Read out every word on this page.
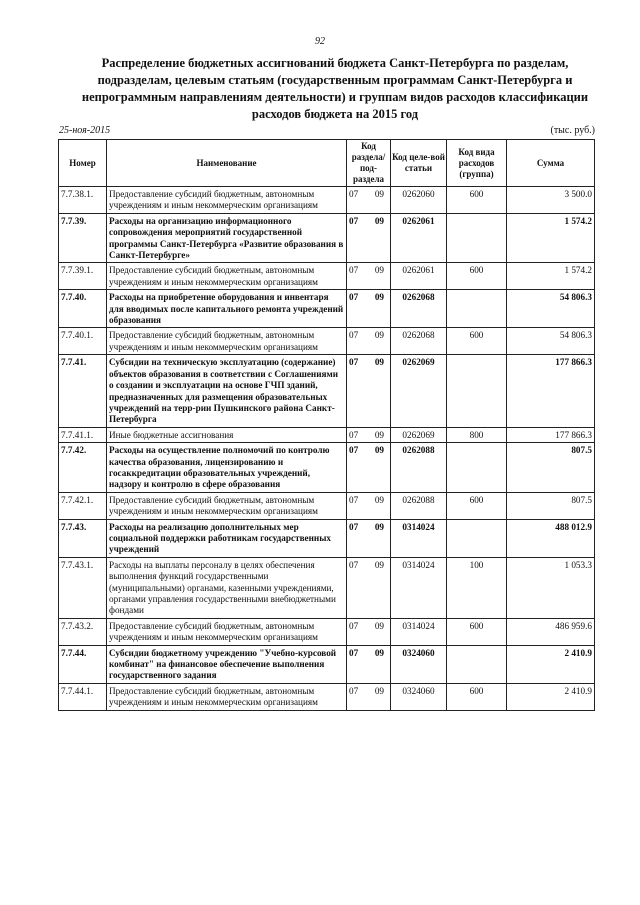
92
Распределение бюджетных ассигнований бюджета Санкт-Петербурга по разделам, подразделам, целевым статьям (государственным программам Санкт-Петербурга и непрограммным направлениям деятельности) и группам видов расходов классификации расходов бюджета на 2015 год
25-ноя-2015	(тыс. руб.)
Номер	Наименование	Код раздела/ под-раздела	Код целе-вой статьи	Код вида расходов (группа)	Сумма
7.7.38.1.	Предоставление субсидий бюджетным, автономным учреждениям и иным некоммерческим организациям	07 09	0262060	600	3 500.0
7.7.39.	Расходы на организацию информационного сопровождения мероприятий государственной программы Санкт-Петербурга «Развитие образования в Санкт-Петербурге»	07 09	0262061		1 574.2
7.7.39.1.	Предоставление субсидий бюджетным, автономным учреждениям и иным некоммерческим организациям	07 09	0262061	600	1 574.2
7.7.40.	Расходы на приобретение оборудования и инвентаря для вводимых после капитального ремонта учреждений образования	07 09	0262068		54 806.3
7.7.40.1.	Предоставление субсидий бюджетным, автономным учреждениям и иным некоммерческим организациям	07 09	0262068	600	54 806.3
7.7.41.	Субсидии на техническую эксплуатацию (содержание) объектов образования в соответствии с Соглашениями о создании и эксплуатации на основе ГЧП зданий, предназначенных для размещения образовательных учреждений на терр-рии Пушкинского района Санкт-Петербурга	07 09	0262069		177 866.3
7.7.41.1.	Иные бюджетные ассигнования	07 09	0262069	800	177 866.3
7.7.42.	Расходы на осуществление полномочий по контролю качества образования, лицензированию и госаккредитации образовательных учреждений, надзору и контролю в сфере образования	07 09	0262088		807.5
7.7.42.1.	Предоставление субсидий бюджетным, автономным учреждениям и иным некоммерческим организациям	07 09	0262088	600	807.5
7.7.43.	Расходы на реализацию дополнительных мер социальной поддержки работникам государственных учреждений	07 09	0314024		488 012.9
7.7.43.1.	Расходы на выплаты персоналу в целях обеспечения выполнения функций государственными (муниципальными) органами, казенными учреждениями, органами управления государственными внебюджетными фондами	07 09	0314024	100	1 053.3
7.7.43.2.	Предоставление субсидий бюджетным, автономным учреждениям и иным некоммерческим организациям	07 09	0314024	600	486 959.6
7.7.44.	Субсидии бюджетному учреждению "Учебно-курсовой комбинат" на финансовое обеспечение выполнения государственного задания	07 09	0324060		2 410.9
7.7.44.1.	Предоставление субсидий бюджетным, автономным учреждениям и иным некоммерческим организациям	07 09	0324060	600	2 410.9
